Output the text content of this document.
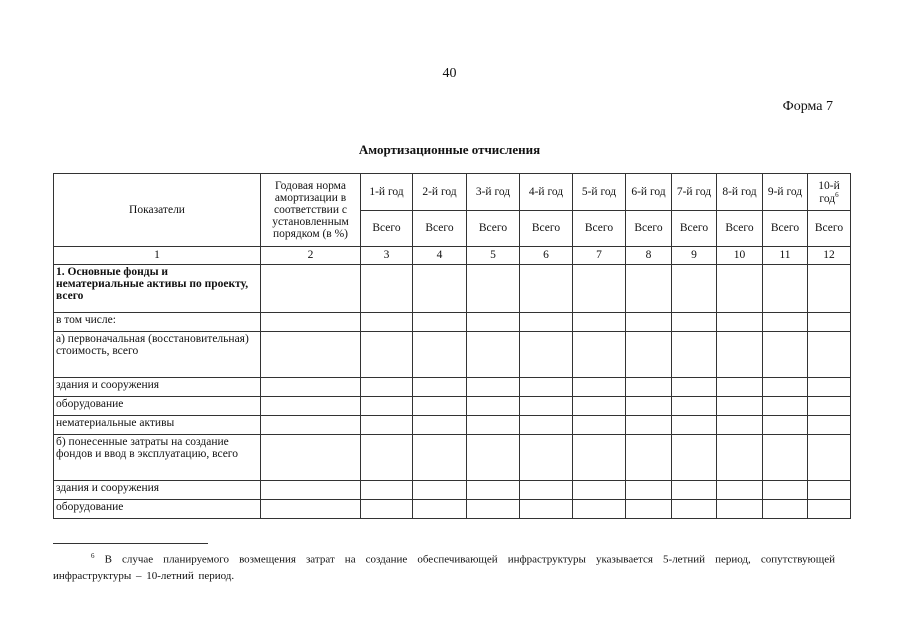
40
Форма 7
Амортизационные отчисления
Показатели	Годовая норма амортизации в соответствии с установленным порядком (в %)	1-й год	2-й год	3-й год	4-й год	5-й год	6-й год	7-й год	8-й год	9-й год	10-й год$^6$
		Всего	Всего	Всего	Всего	Всего	Всего	Всего	Всего	Всего	Всего
1	2	3	4	5	6	7	8	9	10	11	12
1. Основные фонды и нематериальные активы по проекту, всего											
в том числе:											
а) первоначальная (восстановительная) стоимость, всего											
здания и сооружения											
оборудование											
нематериальные активы											
б) понесенные затраты на создание фондов и ввод в эксплуатацию, всего											
здания и сооружения											
оборудование											
$^6$ В случае планируемого возмещения затрат на создание обеспечивающей инфраструктуры указывается 5-летний период, сопутствующей инфраструктуры – 10-летний период.
